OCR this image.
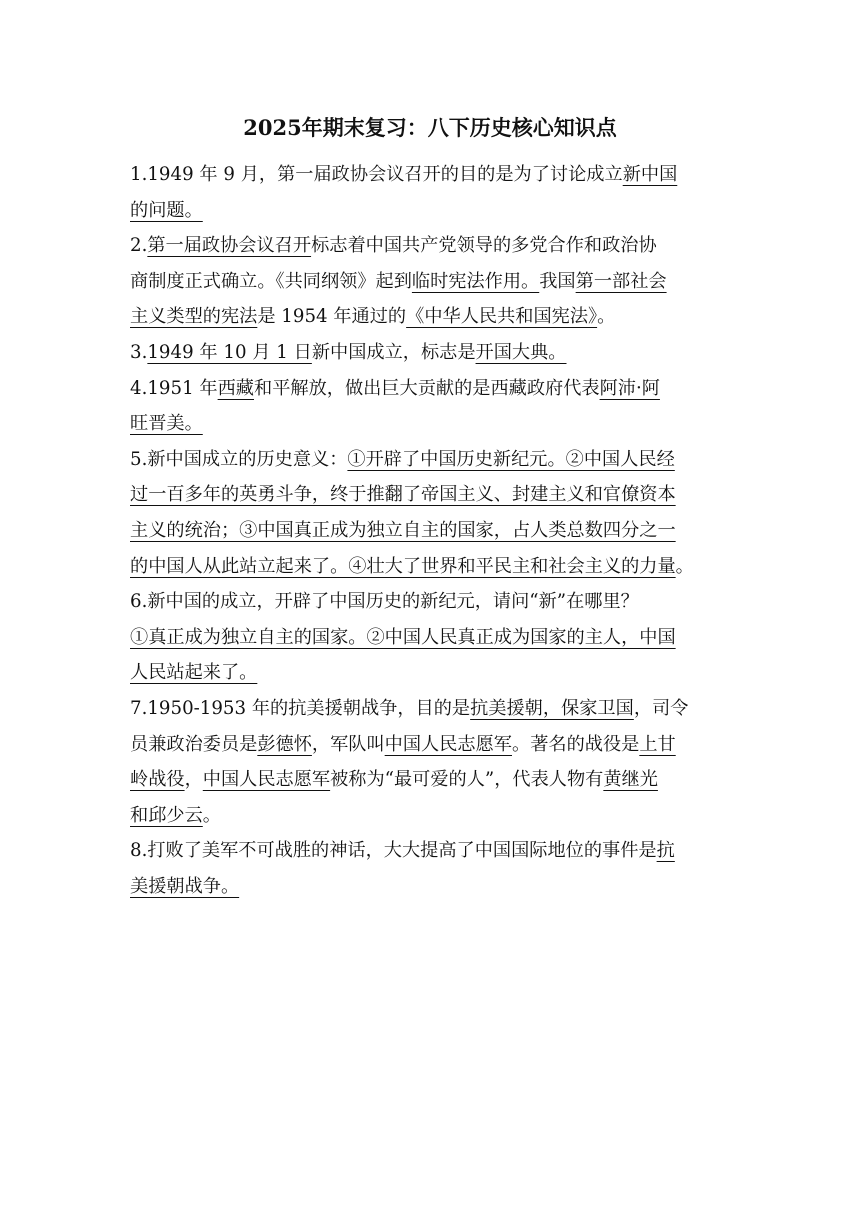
2025年期末复习：八下历史核心知识点
1.1949 年 9 月，第一届政协会议召开的目的是为了讨论成立新中国
的问题。
2.第一届政协会议召开标志着中国共产党领导的多党合作和政治协
商制度正式确立。《共同纲领》起到临时宪法作用。我国第一部社会
主义类型的宪法是 1954 年通过的《中华人民共和国宪法》。
3.1949 年 10 月 1 日新中国成立，标志是开国大典。
4.1951 年西藏和平解放，做出巨大贡献的是西藏政府代表阿沛·阿
旺晋美。
5.新中国成立的历史意义：①开辟了中国历史新纪元。②中国人民经
过一百多年的英勇斗争，终于推翻了帝国主义、封建主义和官僚资本
主义的统治；③中国真正成为独立自主的国家，占人类总数四分之一
的中国人从此站立起来了。④壮大了世界和平民主和社会主义的力量。
6.新中国的成立，开辟了中国历史的新纪元，请问“新”在哪里？
①真正成为独立自主的国家。②中国人民真正成为国家的主人，中国
人民站起来了。
7.1950-1953 年的抗美援朝战争，目的是抗美援朝，保家卫国，司令
员兼政治委员是彭德怀，军队叫中国人民志愿军。著名的战役是上甘
岭战役，中国人民志愿军被称为“最可爱的人”，代表人物有黄继光
和邱少云。
8.打败了美军不可战胜的神话，大大提高了中国国际地位的事件是抗
美援朝战争。
